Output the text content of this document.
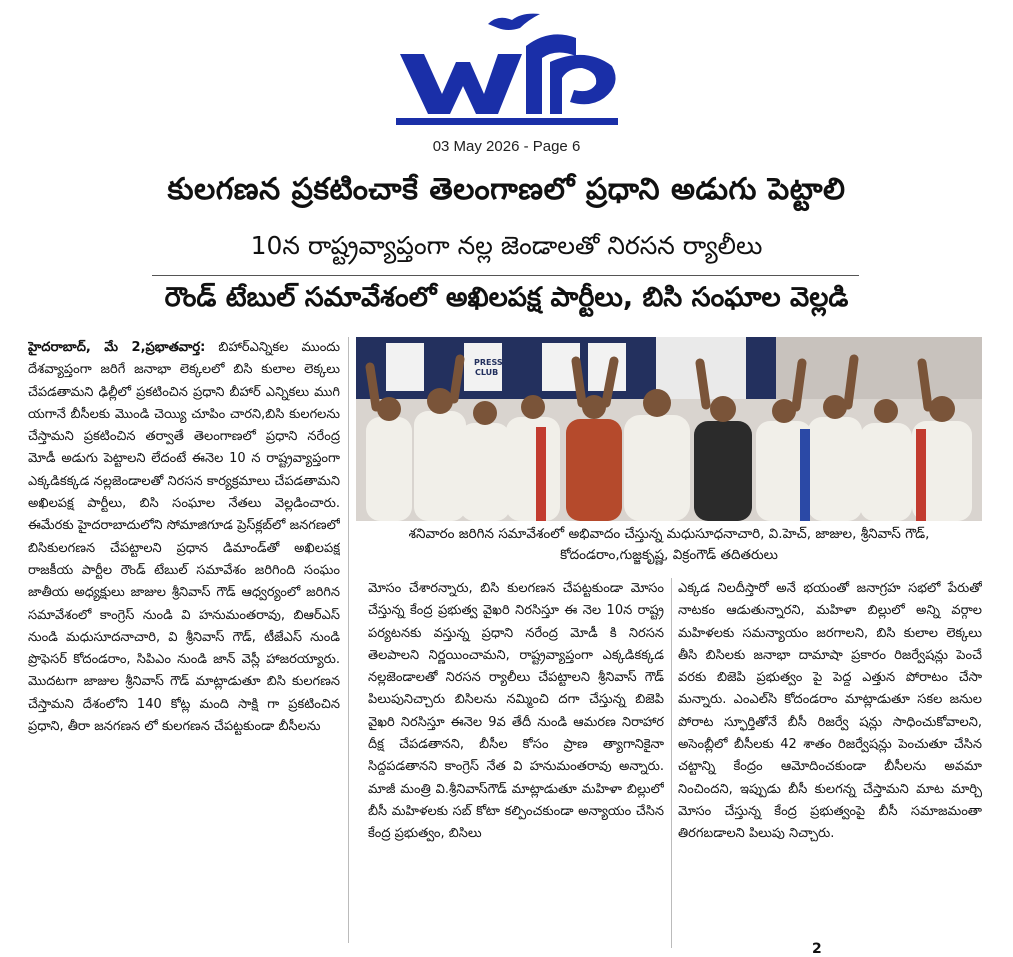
03 May 2026 - Page 6
కులగణన ప్రకటించాకే తెలంగాణలో ప్రధాని అడుగు పెట్టాలి
10న రాష్ట్రవ్యాప్తంగా నల్ల జెండాలతో నిరసన ర్యాలీలు
రౌండ్ టేబుల్ సమావేశంలో అఖిలపక్ష పార్టీలు, బిసి సంఘాల వెల్లడి

హైదరాబాద్, మే 2,ప్రభాతవార్త: బిహార్ఎన్నికల ముందు దేశవ్యాప్తంగా జరిగే జనాభా లెక్కలలో బిసి కులాల లెక్కలు చేపడతామని ఢిల్లీలో ప్రకటించిన ప్రధాని బీహార్ ఎన్నికలు ముగి యగానే బీసీలకు మొండి చెయ్యి చూపిం చారని,బిసి కులగలను చేస్తామని ప్రకటించిన తర్వాతే తెలంగాణలో ప్రధాని నరేంద్ర మోడీ అడుగు పెట్టాలని లేదంటే ఈనెల 10 న రాష్ట్రవ్యాప్తంగా ఎక్కడికక్కడ నల్లజెండాలతో నిరసన కార్యక్రమాలు చేపడతామని అఖిలపక్ష పార్టీలు, బిసి సంఘాల నేతలు వెల్లడించారు. ఈమేరకు హైదరాబాదులోని సోమాజిగూడ ప్రెస్‌క్లబ్‌లో జనగణలో బిసికులగణన చేపట్టాలని ప్రధాన డిమాండ్‌తో అఖిలపక్ష రాజకీయ పార్టీల రౌండ్ టేబుల్ సమావేశం జరిగింది సంఘం జాతీయ అధ్యక్షులు జాజుల శ్రీనివాస్ గౌడ్ ఆధ్వర్యంలో జరిగిన సమావేశంలో కాంగ్రెస్ నుండి వి హనుమంతరావు, బిఆర్ఎస్ నుండి మధుసూదనాచారి, వి శ్రీనివాస్ గౌడ్, టీజేఎస్ నుండి ప్రొఫెసర్ కోదండరాం, సిపిఎం నుండి జాన్ వెస్లీ హాజరయ్యారు. మొదటగా జాజుల శ్రీనివాస్ గౌడ్ మాట్లాడుతూ బిసి కులగణన చేస్తామని దేశంలోని 140 కోట్ల మంది సాక్షి గా ప్రకటించిన ప్రధాని, తీరా జనగణన లో కులగణన చేపట్టకుండా బీసీలను

PRESS
CLUB
శనివారం జరిగిన సమావేశంలో అభివాదం చేస్తున్న మధుసూధనాచారి, వి.హెచ్, జాజుల, శ్రీనివాస్ గౌడ్, కోదండరాం,గుజ్జకృష్ణ, విక్రంగౌడ్ తదితరులు

మోసం చేశారన్నారు, బిసి కులగణన చేపట్టకుండా మోసం చేస్తున్న కేంద్ర ప్రభుత్వ వైఖరి నిరసిస్తూ ఈ నెల 10న రాష్ట్ర పర్యటనకు వస్తున్న ప్రధాని నరేంద్ర మోడీ కి నిరసన తెలపాలని నిర్ణయించామని, రాష్ట్రవ్యాప్తంగా ఎక్కడికక్కడ నల్లజెండాలతో నిరసన ర్యాలీలు చేపట్టాలని శ్రీనివాస్ గౌడ్ పిలుపునిచ్చారు బిసిలను నమ్మించి దగా చేస్తున్న బిజెపి వైఖరి నిరసిస్తూ ఈనెల 9వ తేదీ నుండి ఆమరణ నిరాహార దీక్ష చేపడతానని, బీసీల కోసం ప్రాణ త్యాగానికైనా సిద్దపడతానని కాంగ్రెస్ నేత వి హనుమంతరావు అన్నారు. మాజీ మంత్రి వి.శ్రీనివాస్‌గౌడ్ మాట్లాడుతూ మహిళా బిల్లులో బీసీ మహిళలకు సబ్ కోటా కల్పించకుండా అన్యాయం చేసిన కేంద్ర ప్రభుత్వం, బిసిలు

ఎక్కడ నిలదీస్తారో అనే భయంతో జనాగ్రహ సభలో పేరుతో నాటకం ఆడుతున్నారని, మహిళా బిల్లులో అన్ని వర్గాల మహిళలకు సమన్యాయం జరగాలని, బిసి కులాల లెక్కలు తీసి బిసిలకు జనాభా దామాషా ప్రకారం రిజర్వేషన్లు పెంచే వరకు బిజెపి ప్రభుత్వం పై పెద్ద ఎత్తున పోరాటం చేసా మన్నారు. ఎంఎల్‌సి కోదండరాం మాట్లాడుతూ సకల జనుల పోరాట స్ఫూర్తితోనే బీసీ రిజర్వే షన్లు సాధించుకోవాలని, అసెంబ్లీలో బీసీలకు 42 శాతం రిజర్వేషన్లు పెంచుతూ చేసిన చట్టాన్ని కేంద్రం ఆమోదించకుండా బీసీలను అవమా నించిందని, ఇప్పుడు బీసీ కులగన్న చేస్తామని మాట మార్చి మోసం చేస్తున్న కేంద్ర ప్రభుత్వంపై బీసీ సమాజమంతా తిరగబడాలని పిలుపు నిచ్చారు.

2
